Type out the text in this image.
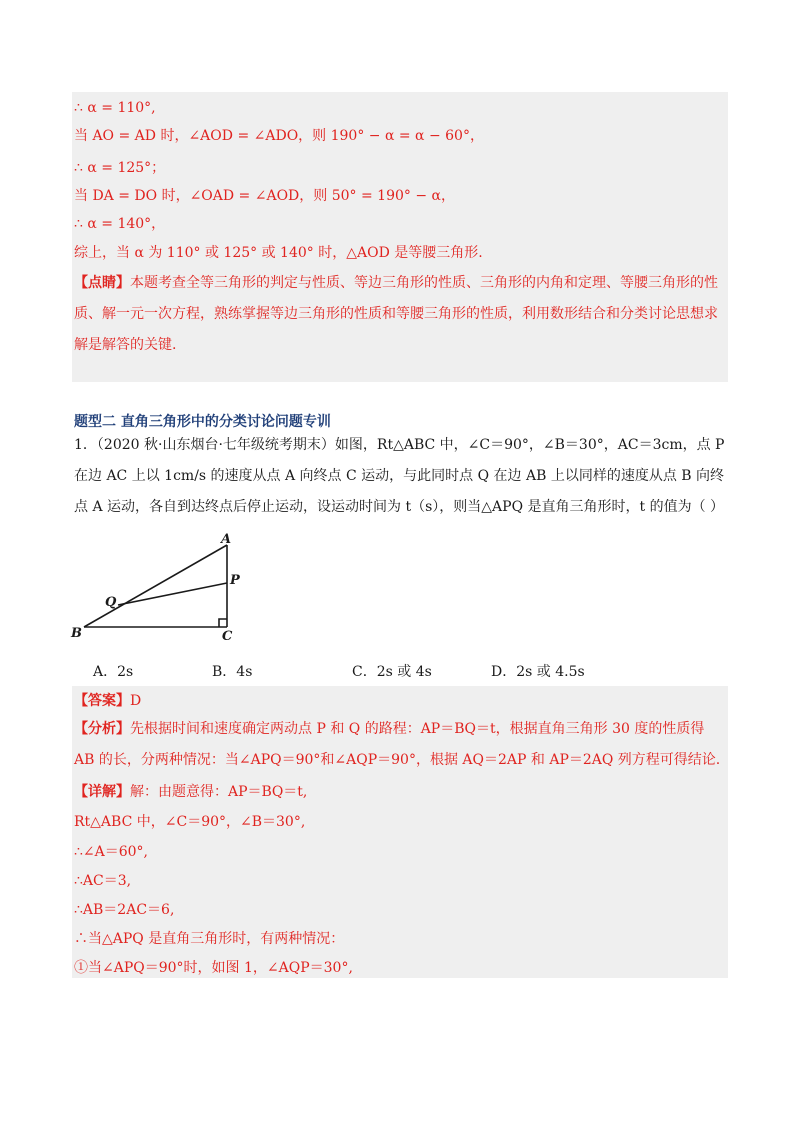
∴ α = 110°,
当 AO = AD 时，∠AOD = ∠ADO，则 190° − α = α − 60°，
∴ α = 125°；
当 DA = DO 时，∠OAD = ∠AOD，则 50° = 190° − α，
∴ α = 140°，
综上，当 α 为 110° 或 125° 或 140° 时，△AOD 是等腰三角形.
【点睛】本题考查全等三角形的判定与性质、等边三角形的性质、三角形的内角和定理、等腰三角形的性质、解一元一次方程，熟练掌握等边三角形的性质和等腰三角形的性质，利用数形结合和分类讨论思想求解是解答的关键.
题型二 直角三角形中的分类讨论问题专训
1．（2020 秋·山东烟台·七年级统考期末）如图，Rt△ABC 中，∠C＝90°，∠B＝30°，AC＝3cm，点 P 在边 AC 上以 1cm/s 的速度从点 A 向终点 C 运动，与此同时点 Q 在边 AB 上以同样的速度从点 B 向终点 A 运动，各自到达终点后停止运动，设运动时间为 t（s），则当△APQ 是直角三角形时，t 的值为（ ）
A
P
Q
B	C
A．2s	B．4s	C．2s 或 4s	D．2s 或 4.5s
【答案】D
【分析】先根据时间和速度确定两动点 P 和 Q 的路程：AP＝BQ＝t，根据直角三角形 30 度的性质得 AB 的长，分两种情况：当∠APQ＝90°和∠AQP＝90°，根据 AQ＝2AP 和 AP＝2AQ 列方程可得结论.
【详解】解：由题意得：AP＝BQ＝t,
Rt△ABC 中，∠C＝90°，∠B＝30°,
∴∠A＝60°,
∴AC＝3,
∴AB＝2AC＝6,
∴当△APQ 是直角三角形时，有两种情况：
①当∠APQ＝90°时，如图 1，∠AQP＝30°,
